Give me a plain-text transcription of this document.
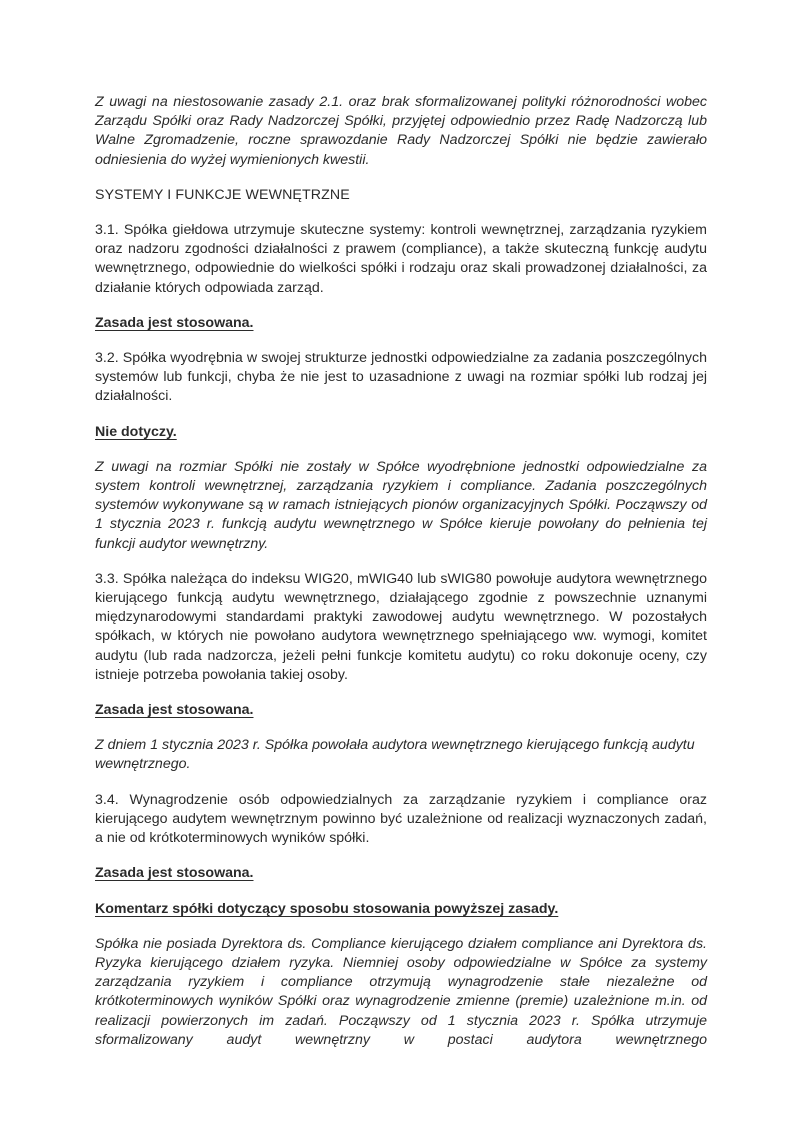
Z uwagi na niestosowanie zasady 2.1. oraz brak sformalizowanej polityki różnorodności wobec Zarządu Spółki oraz Rady Nadzorczej Spółki, przyjętej odpowiednio przez Radę Nadzorczą lub Walne Zgromadzenie, roczne sprawozdanie Rady Nadzorczej Spółki nie będzie zawierało odniesienia do wyżej wymienionych kwestii.

SYSTEMY I FUNKCJE WEWNĘTRZNE

3.1. Spółka giełdowa utrzymuje skuteczne systemy: kontroli wewnętrznej, zarządzania ryzykiem oraz nadzoru zgodności działalności z prawem (compliance), a także skuteczną funkcję audytu wewnętrznego, odpowiednie do wielkości spółki i rodzaju oraz skali prowadzonej działalności, za działanie których odpowiada zarząd.

Zasada jest stosowana.

3.2. Spółka wyodrębnia w swojej strukturze jednostki odpowiedzialne za zadania poszczególnych systemów lub funkcji, chyba że nie jest to uzasadnione z uwagi na rozmiar spółki lub rodzaj jej działalności.

Nie dotyczy.

Z uwagi na rozmiar Spółki nie zostały w Spółce wyodrębnione jednostki odpowiedzialne za system kontroli wewnętrznej, zarządzania ryzykiem i compliance. Zadania poszczególnych systemów wykonywane są w ramach istniejących pionów organizacyjnych Spółki. Począwszy od 1 stycznia 2023 r. funkcją audytu wewnętrznego w Spółce kieruje powołany do pełnienia tej funkcji audytor wewnętrzny.

3.3. Spółka należąca do indeksu WIG20, mWIG40 lub sWIG80 powołuje audytora wewnętrznego kierującego funkcją audytu wewnętrznego, działającego zgodnie z powszechnie uznanymi międzynarodowymi standardami praktyki zawodowej audytu wewnętrznego. W pozostałych spółkach, w których nie powołano audytora wewnętrznego spełniającego ww. wymogi, komitet audytu (lub rada nadzorcza, jeżeli pełni funkcje komitetu audytu) co roku dokonuje oceny, czy istnieje potrzeba powołania takiej osoby.

Zasada jest stosowana.

Z dniem 1 stycznia 2023 r. Spółka powołała audytora wewnętrznego kierującego funkcją audytu wewnętrznego.

3.4. Wynagrodzenie osób odpowiedzialnych za zarządzanie ryzykiem i compliance oraz kierującego audytem wewnętrznym powinno być uzależnione od realizacji wyznaczonych zadań, a nie od krótkoterminowych wyników spółki.

Zasada jest stosowana.

Komentarz spółki dotyczący sposobu stosowania powyższej zasady.

Spółka nie posiada Dyrektora ds. Compliance kierującego działem compliance ani Dyrektora ds. Ryzyka kierującego działem ryzyka. Niemniej osoby odpowiedzialne w Spółce za systemy zarządzania ryzykiem i compliance otrzymują wynagrodzenie stałe niezależne od krótkoterminowych wyników Spółki oraz wynagrodzenie zmienne (premie) uzależnione m.in. od realizacji powierzonych im zadań. Począwszy od 1 stycznia 2023 r. Spółka utrzymuje sformalizowany audyt wewnętrzny w postaci audytora wewnętrznego
